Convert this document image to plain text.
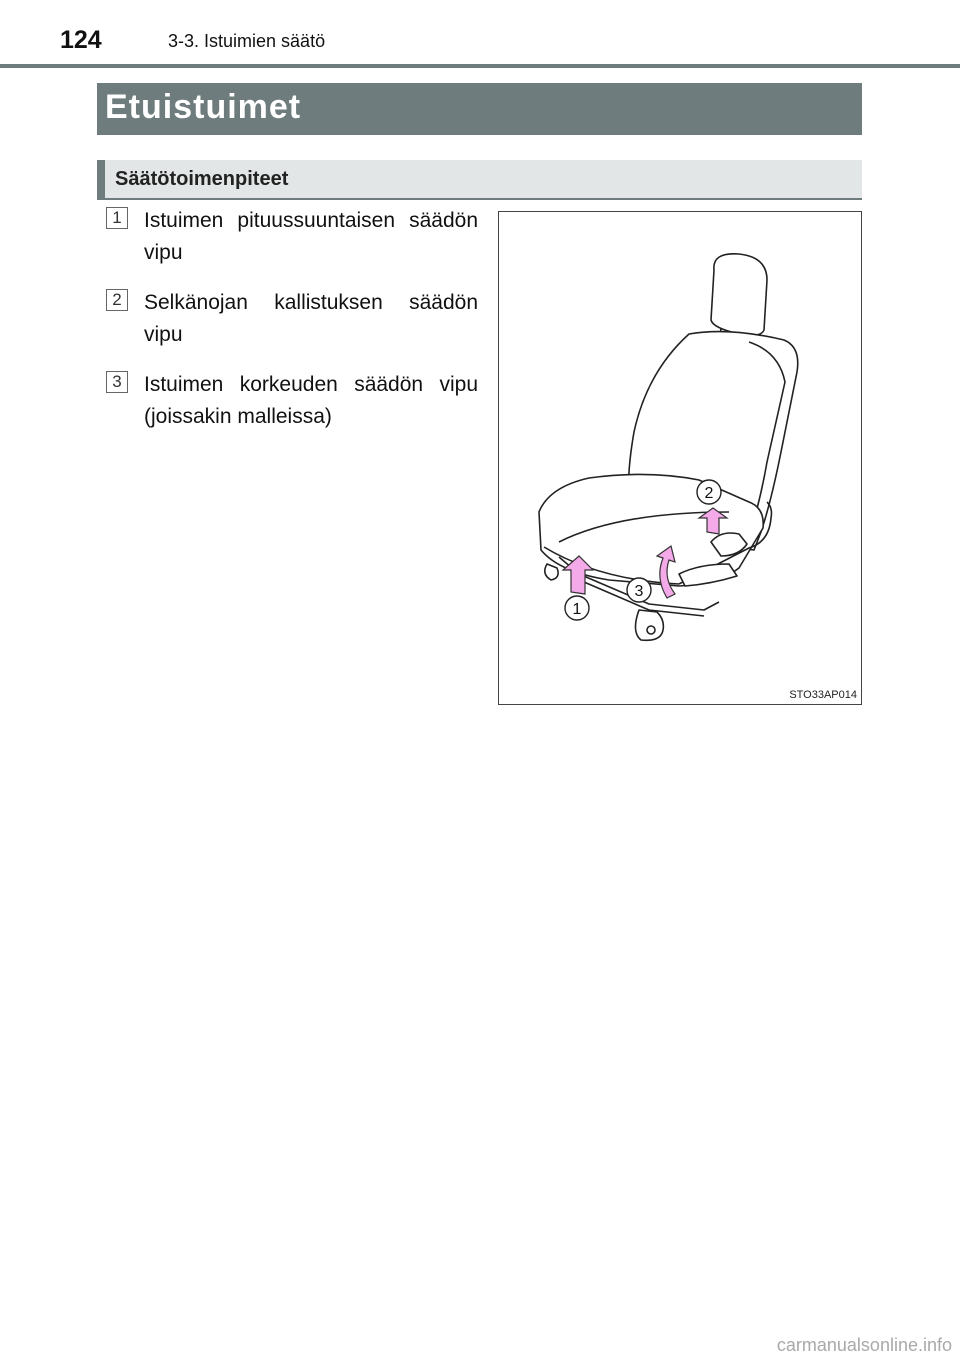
124	3-3. Istuimien säätö
Etuistuimet
Säätötoimenpiteet
1 Istuimen pituussuuntaisen säädön vipu
2 Selkänojan kallistuksen säädön vipu
3 Istuimen korkeuden säädön vipu (joissakin malleissa)
1
2
3
STO33AP014
carmanualsonline.info
